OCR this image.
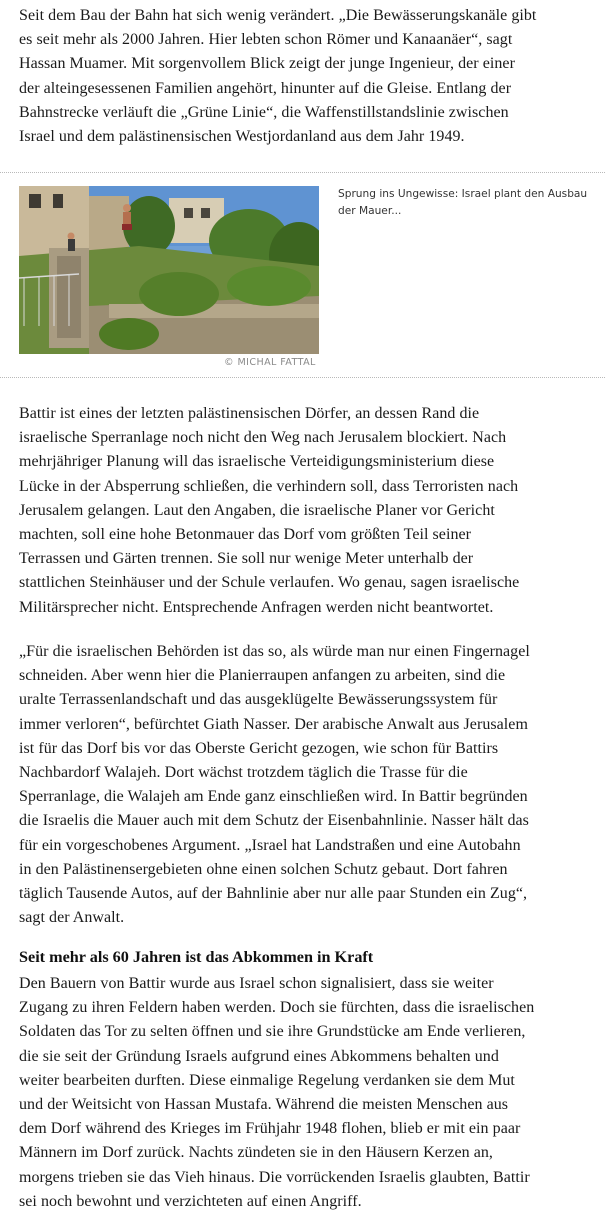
Seit dem Bau der Bahn hat sich wenig verändert. „Die Bewässerungskanäle gibt
es seit mehr als 2000 Jahren. Hier lebten schon Römer und Kanaanäer“, sagt
Hassan Muamer. Mit sorgenvollem Blick zeigt der junge Ingenieur, der einer
der alteingesessenen Familien angehört, hinunter auf die Gleise. Entlang der
Bahnstrecke verläuft die „Grüne Linie“, die Waffenstillstandslinie zwischen
Israel und dem palästinensischen Westjordanland aus dem Jahr 1949.

© MICHAL FATTAL
Sprung ins Ungewisse: Israel plant den Ausbau
der Mauer...

Battir ist eines der letzten palästinensischen Dörfer, an dessen Rand die
israelische Sperranlage noch nicht den Weg nach Jerusalem blockiert. Nach
mehrjähriger Planung will das israelische Verteidigungsministerium diese
Lücke in der Absperrung schließen, die verhindern soll, dass Terroristen nach
Jerusalem gelangen. Laut den Angaben, die israelische Planer vor Gericht
machten, soll eine hohe Betonmauer das Dorf vom größten Teil seiner
Terrassen und Gärten trennen. Sie soll nur wenige Meter unterhalb der
stattlichen Steinhäuser und der Schule verlaufen. Wo genau, sagen israelische
Militärsprecher nicht. Entsprechende Anfragen werden nicht beantwortet.

„Für die israelischen Behörden ist das so, als würde man nur einen Fingernagel
schneiden. Aber wenn hier die Planierraupen anfangen zu arbeiten, sind die
uralte Terrassenlandschaft und das ausgeklügelte Bewässerungssystem für
immer verloren“, befürchtet Giath Nasser. Der arabische Anwalt aus Jerusalem
ist für das Dorf bis vor das Oberste Gericht gezogen, wie schon für Battirs
Nachbardorf Walajeh. Dort wächst trotzdem täglich die Trasse für die
Sperranlage, die Walajeh am Ende ganz einschließen wird. In Battir begründen
die Israelis die Mauer auch mit dem Schutz der Eisenbahnlinie. Nasser hält das
für ein vorgeschobenes Argument. „Israel hat Landstraßen und eine Autobahn
in den Palästinensergebieten ohne einen solchen Schutz gebaut. Dort fahren
täglich Tausende Autos, auf der Bahnlinie aber nur alle paar Stunden ein Zug“,
sagt der Anwalt.

Seit mehr als 60 Jahren ist das Abkommen in Kraft

Den Bauern von Battir wurde aus Israel schon signalisiert, dass sie weiter
Zugang zu ihren Feldern haben werden. Doch sie fürchten, dass die israelischen
Soldaten das Tor zu selten öffnen und sie ihre Grundstücke am Ende verlieren,
die sie seit der Gründung Israels aufgrund eines Abkommens behalten und
weiter bearbeiten durften. Diese einmalige Regelung verdanken sie dem Mut
und der Weitsicht von Hassan Mustafa. Während die meisten Menschen aus
dem Dorf während des Krieges im Frühjahr 1948 flohen, blieb er mit ein paar
Männern im Dorf zurück. Nachts zündeten sie in den Häusern Kerzen an,
morgens trieben sie das Vieh hinaus. Die vorrückenden Israelis glaubten, Battir
sei noch bewohnt und verzichteten auf einen Angriff.
